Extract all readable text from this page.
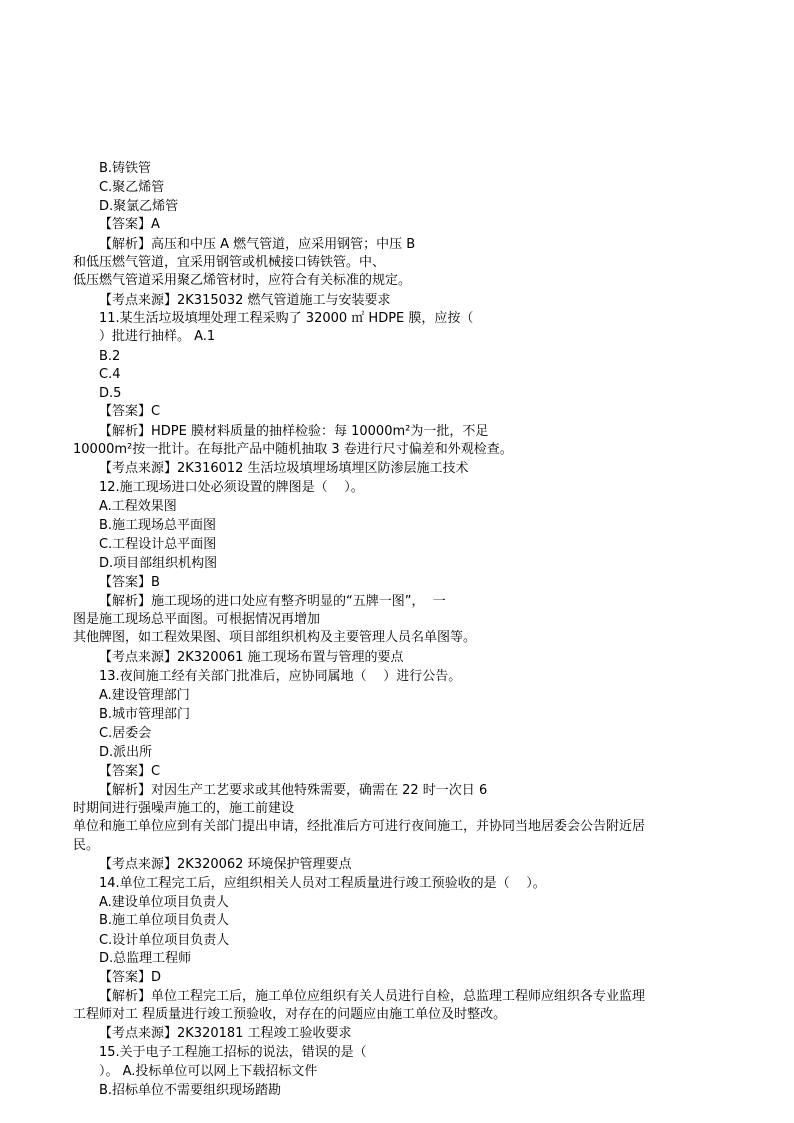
B.铸铁管
C.聚乙烯管
D.聚氯乙烯管
【答案】A
【解析】高压和中压 A 燃气管道，应采用钢管；中压 B
和低压燃气管道，宜采用钢管或机械接口铸铁管。中、
低压燃气管道采用聚乙烯管材时，应符合有关标准的规定。
【考点来源】2K315032 燃气管道施工与安装要求
11.某生活垃圾填埋处理工程采购了 32000 ㎡ HDPE 膜，应按（
）批进行抽样。 A.1
B.2
C.4
D.5
【答案】C
【解析】HDPE 膜材料质量的抽样检验：每 10000m²为一批，不足
10000m²按一批计。在每批产品中随机抽取 3 卷进行尺寸偏差和外观检查。
【考点来源】2K316012 生活垃圾填埋场填埋区防渗层施工技术
12.施工现场进口处必须设置的牌图是（    ）。
A.工程效果图
B.施工现场总平面图
C.工程设计总平面图
D.项目部组织机构图
【答案】B
【解析】施工现场的进口处应有整齐明显的“五牌一图”，  一
图是施工现场总平面图。可根据情况再增加
其他牌图，如工程效果图、项目部组织机构及主要管理人员名单图等。
【考点来源】2K320061 施工现场布置与管理的要点
13.夜间施工经有关部门批准后，应协同属地（    ）进行公告。
A.建设管理部门
B.城市管理部门
C.居委会
D.派出所
【答案】C
【解析】对因生产工艺要求或其他特殊需要，确需在 22 时一次日 6
时期间进行强噪声施工的，施工前建设
单位和施工单位应到有关部门提出申请，经批准后方可进行夜间施工，并协同当地居委会公告附近居
民。
【考点来源】2K320062 环境保护管理要点
14.单位工程完工后，应组织相关人员对工程质量进行竣工预验收的是（    ）。
A.建设单位项目负责人
B.施工单位项目负责人
C.设计单位项目负责人
D.总监理工程师
【答案】D
【解析】单位工程完工后，施工单位应组织有关人员进行自检，总监理工程师应组织各专业监理
工程师对工 程质量进行竣工预验收，对存在的问题应由施工单位及时整改。
【考点来源】2K320181 工程竣工验收要求
15.关于电子工程施工招标的说法，错误的是（
）。 A.投标单位可以网上下载招标文件
B.招标单位不需要组织现场踏勘
